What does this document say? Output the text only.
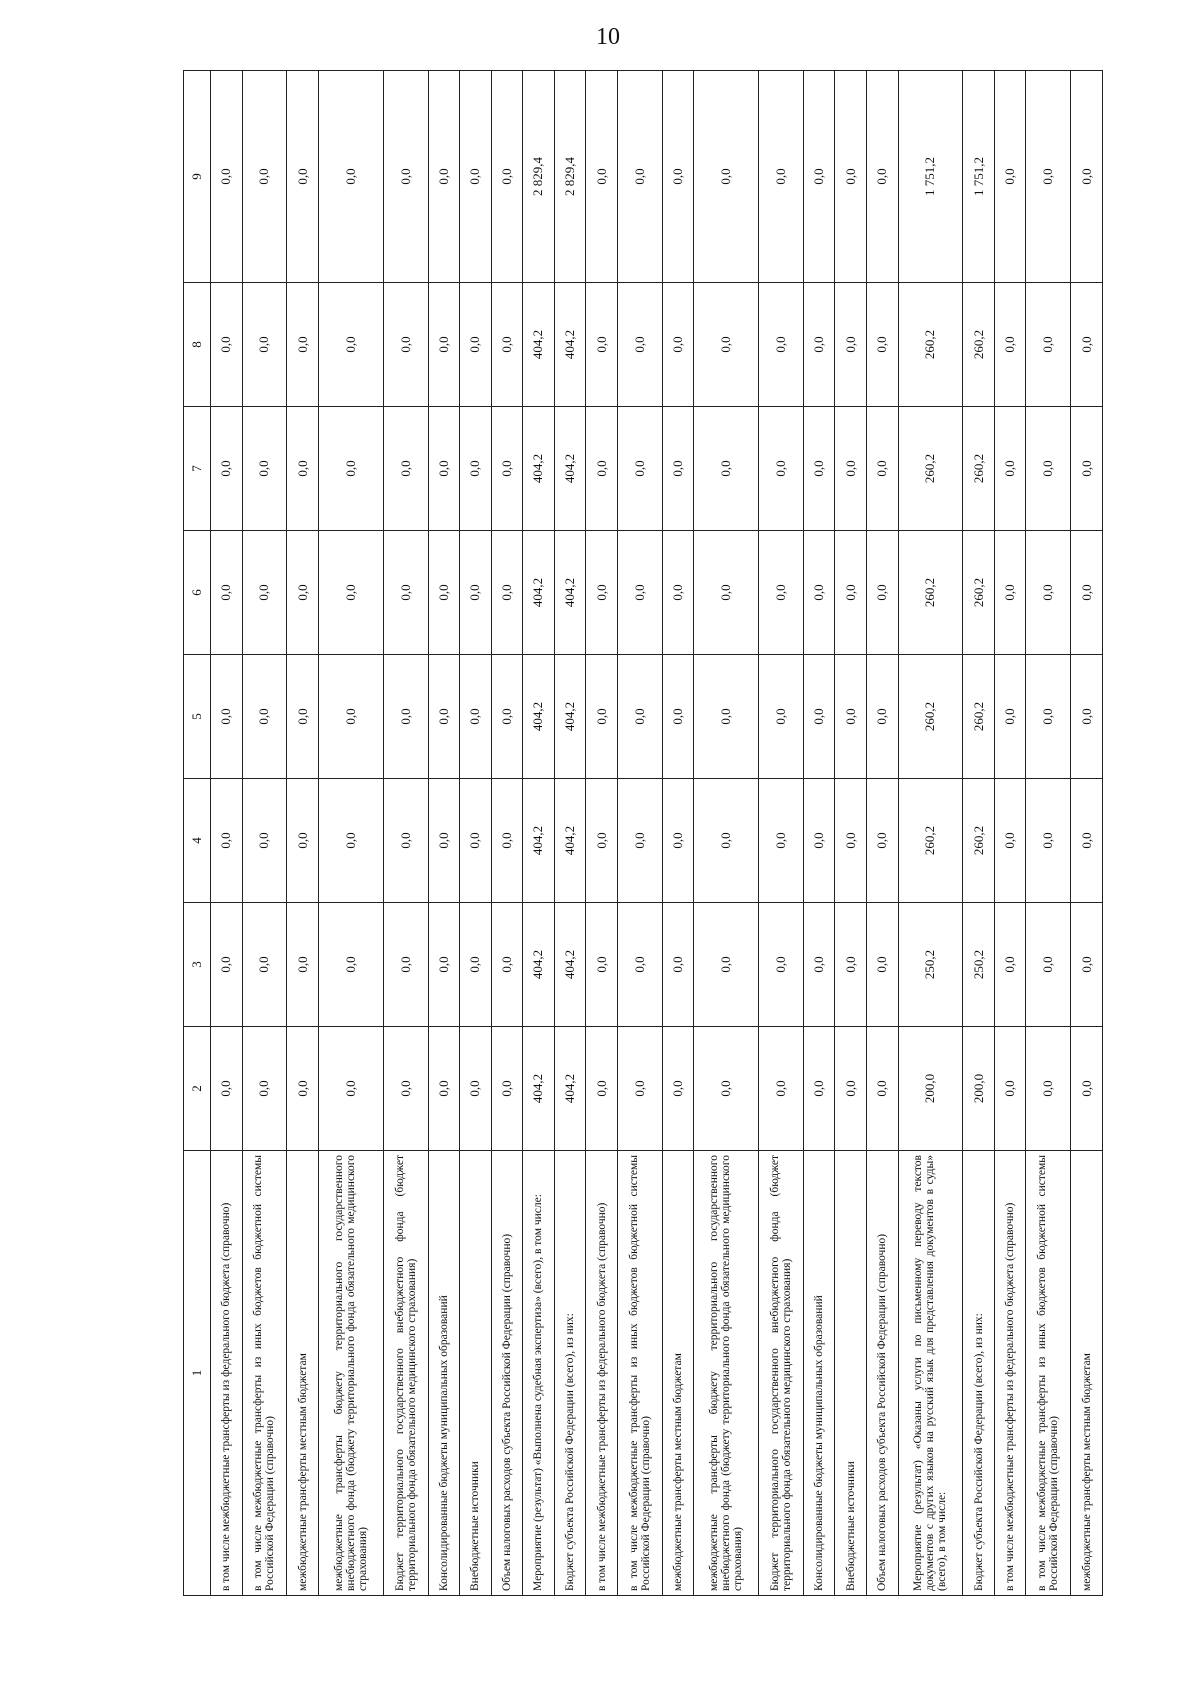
10
1	2	3	4	5	6	7	8	9
в том числе межбюджетные трансферты из федерального бюджета (справочно)	0,0	0,0	0,0	0,0	0,0	0,0	0,0	0,0
в том числе межбюджетные трансферты из иных бюджетов бюджетной системы Российской Федерации (справочно)	0,0	0,0	0,0	0,0	0,0	0,0	0,0	0,0
межбюджетные трансферты местным бюджетам	0,0	0,0	0,0	0,0	0,0	0,0	0,0	0,0
межбюджетные трансферты бюджету территориального государственного внебюджетного фонда (бюджету территориального фонда обязательного медицинского страхования)	0,0	0,0	0,0	0,0	0,0	0,0	0,0	0,0
Бюджет территориального государственного внебюджетного фонда (бюджет территориального фонда обязательного медицинского страхования)	0,0	0,0	0,0	0,0	0,0	0,0	0,0	0,0
Консолидированные бюджеты муниципальных образований	0,0	0,0	0,0	0,0	0,0	0,0	0,0	0,0
Внебюджетные источники	0,0	0,0	0,0	0,0	0,0	0,0	0,0	0,0
Объем налоговых расходов субъекта Российской Федерации (справочно)	0,0	0,0	0,0	0,0	0,0	0,0	0,0	0,0
Мероприятие (результат) «Выполнена судебная экспертиза» (всего), в том числе:	404,2	404,2	404,2	404,2	404,2	404,2	404,2	2 829,4
Бюджет субъекта Российской Федерации (всего), из них:	404,2	404,2	404,2	404,2	404,2	404,2	404,2	2 829,4
в том числе межбюджетные трансферты из федерального бюджета (справочно)	0,0	0,0	0,0	0,0	0,0	0,0	0,0	0,0
в том числе межбюджетные трансферты из иных бюджетов бюджетной системы Российской Федерации (справочно)	0,0	0,0	0,0	0,0	0,0	0,0	0,0	0,0
межбюджетные трансферты местным бюджетам	0,0	0,0	0,0	0,0	0,0	0,0	0,0	0,0
межбюджетные трансферты бюджету территориального государственного внебюджетного фонда (бюджету территориального фонда обязательного медицинского страхования)	0,0	0,0	0,0	0,0	0,0	0,0	0,0	0,0
Бюджет территориального государственного внебюджетного фонда (бюджет территориального фонда обязательного медицинского страхования)	0,0	0,0	0,0	0,0	0,0	0,0	0,0	0,0
Консолидированные бюджеты муниципальных образований	0,0	0,0	0,0	0,0	0,0	0,0	0,0	0,0
Внебюджетные источники	0,0	0,0	0,0	0,0	0,0	0,0	0,0	0,0
Объем налоговых расходов субъекта Российской Федерации (справочно)	0,0	0,0	0,0	0,0	0,0	0,0	0,0	0,0
Мероприятие (результат) «Оказаны услуги по письменному переводу текстов документов с других языков на русский язык для представления документов в суды» (всего), в том числе:	200,0	250,2	260,2	260,2	260,2	260,2	260,2	1 751,2
Бюджет субъекта Российской Федерации (всего), из них:	200,0	250,2	260,2	260,2	260,2	260,2	260,2	1 751,2
в том числе межбюджетные трансферты из федерального бюджета (справочно)	0,0	0,0	0,0	0,0	0,0	0,0	0,0	0,0
в том числе межбюджетные трансферты из иных бюджетов бюджетной системы Российской Федерации (справочно)	0,0	0,0	0,0	0,0	0,0	0,0	0,0	0,0
межбюджетные трансферты местным бюджетам	0,0	0,0	0,0	0,0	0,0	0,0	0,0	0,0
